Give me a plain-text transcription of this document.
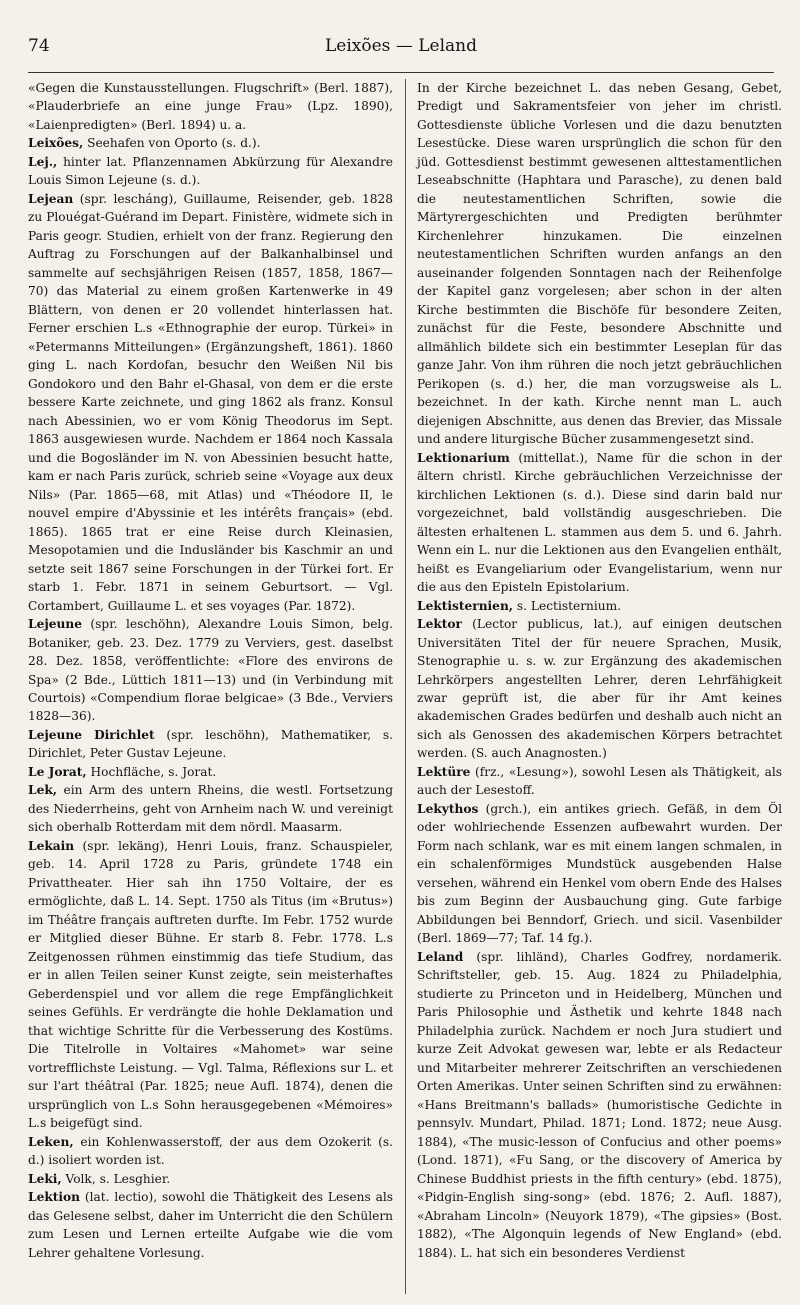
Leixões — Leland
74

«Gegen die Kunstausstellungen. Flugschrift» (Berl. 1887), «Plauderbriefe an eine junge Frau» (Lpz. 1890), «Laienpredigten» (Berl. 1894) u. a.

Leixões, Seehafen von Oporto (s. d.).

Lej., hinter lat. Pflanzennamen Abkürzung für Alexandre Louis Simon Lejeune (s. d.).

Lejean (spr. lescháng), Guillaume, Reisender, geb. 1828 zu Plouégat-Guérand im Depart. Finistère, widmete sich in Paris geogr. Studien, erhielt von der franz. Regierung den Auftrag zu Forschungen auf der Balkanhalbinsel und sammelte auf sechsjährigen Reisen (1857, 1858, 1867—70) das Material zu einem großen Kartenwerke in 49 Blättern, von denen er 20 vollendet hinterlassen hat. Ferner erschien L.s «Ethnographie der europ. Türkei» in «Petermanns Mitteilungen» (Ergänzungsheft, 1861). 1860 ging L. nach Kordofan, besuchr den Weißen Nil bis Gondokoro und den Bahr el-Ghasal, von dem er die erste bessere Karte zeichnete, und ging 1862 als franz. Konsul nach Abessinien, wo er vom König Theodorus im Sept. 1863 ausgewiesen wurde. Nachdem er 1864 noch Kassala und die Bogosländer im N. von Abessinien besucht hatte, kam er nach Paris zurück, schrieb seine «Voyage aux deux Nils» (Par. 1865—68, mit Atlas) und «Théodore II, le nouvel empire d'Abyssinie et les intérêts français» (ebd. 1865). 1865 trat er eine Reise durch Kleinasien, Mesopotamien und die Indusländer bis Kaschmir an und setzte seit 1867 seine Forschungen in der Türkei fort. Er starb 1. Febr. 1871 in seinem Geburtsort. — Vgl. Cortambert, Guillaume L. et ses voyages (Par. 1872).

Lejeune (spr. leschöhn), Alexandre Louis Simon, belg. Botaniker, geb. 23. Dez. 1779 zu Verviers, gest. daselbst 28. Dez. 1858, veröffentlichte: «Flore des environs de Spa» (2 Bde., Lüttich 1811—13) und (in Verbindung mit Courtois) «Compendium florae belgicae» (3 Bde., Verviers 1828—36).

Lejeune Dirichlet (spr. leschöhn), Mathematiker, s. Dirichlet, Peter Gustav Lejeune.

Le Jorat, Hochfläche, s. Jorat.

Lek, ein Arm des untern Rheins, die westl. Fortsetzung des Niederrheins, geht von Arnheim nach W. und vereinigt sich oberhalb Rotterdam mit dem nördl. Maasarm.

Lekain (spr. lekäng), Henri Louis, franz. Schauspieler, geb. 14. April 1728 zu Paris, gründete 1748 ein Privattheater. Hier sah ihn 1750 Voltaire, der es ermöglichte, daß L. 14. Sept. 1750 als Titus (im «Brutus») im Théâtre français auftreten durfte. Im Febr. 1752 wurde er Mitglied dieser Bühne. Er starb 8. Febr. 1778. L.s Zeitgenossen rühmen einstimmig das tiefe Studium, das er in allen Teilen seiner Kunst zeigte, sein meisterhaftes Geberdenspiel und vor allem die rege Empfänglichkeit seines Gefühls. Er verdrängte die hohle Deklamation und that wichtige Schritte für die Verbesserung des Kostüms. Die Titelrolle in Voltaires «Mahomet» war seine vortrefflichste Leistung. — Vgl. Talma, Réflexions sur L. et sur l'art théâtral (Par. 1825; neue Aufl. 1874), denen die ursprünglich von L.s Sohn herausgegebenen «Mémoires» L.s beigefügt sind.

Leken, ein Kohlenwasserstoff, der aus dem Ozokerit (s. d.) isoliert worden ist.

Leki, Volk, s. Lesghier.

Lektion (lat. lectio), sowohl die Thätigkeit des Lesens als das Gelesene selbst, daher im Unterricht die den Schülern zum Lesen und Lernen erteilte Aufgabe wie die vom Lehrer gehaltene Vorlesung.

In der Kirche bezeichnet L. das neben Gesang, Gebet, Predigt und Sakramentsfeier von jeher im christl. Gottesdienste übliche Vorlesen und die dazu benutzten Lesestücke. Diese waren ursprünglich die schon für den jüd. Gottesdienst bestimmt gewesenen alttestamentlichen Leseabschnitte (Haphtara und Parasche), zu denen bald die neutestamentlichen Schriften, sowie die Märtyrergeschichten und Predigten berühmter Kirchenlehrer hinzukamen. Die einzelnen neutestamentlichen Schriften wurden anfangs an den auseinander folgenden Sonntagen nach der Reihenfolge der Kapitel ganz vorgelesen; aber schon in der alten Kirche bestimmten die Bischöfe für besondere Zeiten, zunächst für die Feste, besondere Abschnitte und allmählich bildete sich ein bestimmter Leseplan für das ganze Jahr. Von ihm rühren die noch jetzt gebräuchlichen Perikopen (s. d.) her, die man vorzugsweise als L. bezeichnet. In der kath. Kirche nennt man L. auch diejenigen Abschnitte, aus denen das Brevier, das Missale und andere liturgische Bücher zusammengesetzt sind.

Lektionarium (mittellat.), Name für die schon in der ältern christl. Kirche gebräuchlichen Verzeichnisse der kirchlichen Lektionen (s. d.). Diese sind darin bald nur vorgezeichnet, bald vollständig ausgeschrieben. Die ältesten erhaltenen L. stammen aus dem 5. und 6. Jahrh. Wenn ein L. nur die Lektionen aus den Evangelien enthält, heißt es Evangeliarium oder Evangelistarium, wenn nur die aus den Episteln Epistolarium.

Lektisternien, s. Lectisternium.

Lektor (Lector publicus, lat.), auf einigen deutschen Universitäten Titel der für neuere Sprachen, Musik, Stenographie u. s. w. zur Ergänzung des akademischen Lehrkörpers angestellten Lehrer, deren Lehrfähigkeit zwar geprüft ist, die aber für ihr Amt keines akademischen Grades bedürfen und deshalb auch nicht an sich als Genossen des akademischen Körpers betrachtet werden. (S. auch Anagnosten.)

Lektüre (frz., «Lesung»), sowohl Lesen als Thätigkeit, als auch der Lesestoff.

Lekythos (grch.), ein antikes griech. Gefäß, in dem Öl oder wohlriechende Essenzen aufbewahrt wurden. Der Form nach schlank, war es mit einem langen schmalen, in ein schalenförmiges Mundstück ausgebenden Halse versehen, während ein Henkel vom obern Ende des Halses bis zum Beginn der Ausbauchung ging. Gute farbige Abbildungen bei Benndorf, Griech. und sicil. Vasenbilder (Berl. 1869—77; Taf. 14 fg.).

Leland (spr. lihländ), Charles Godfrey, nordamerik. Schriftsteller, geb. 15. Aug. 1824 zu Philadelphia, studierte zu Princeton und in Heidelberg, München und Paris Philosophie und Ästhetik und kehrte 1848 nach Philadelphia zurück. Nachdem er noch Jura studiert und kurze Zeit Advokat gewesen war, lebte er als Redacteur und Mitarbeiter mehrerer Zeitschriften an verschiedenen Orten Amerikas. Unter seinen Schriften sind zu erwähnen: «Hans Breitmann's ballads» (humoristische Gedichte in pennsylv. Mundart, Philad. 1871; Lond. 1872; neue Ausg. 1884), «The music-lesson of Confucius and other poems» (Lond. 1871), «Fu Sang, or the discovery of America by Chinese Buddhist priests in the fifth century» (ebd. 1875), «Pidgin-English sing-song» (ebd. 1876; 2. Aufl. 1887), «Abraham Lincoln» (Neuyork 1879), «The gipsies» (Bost. 1882), «The Algonquin legends of New England» (ebd. 1884). L. hat sich ein besonderes Verdienst
